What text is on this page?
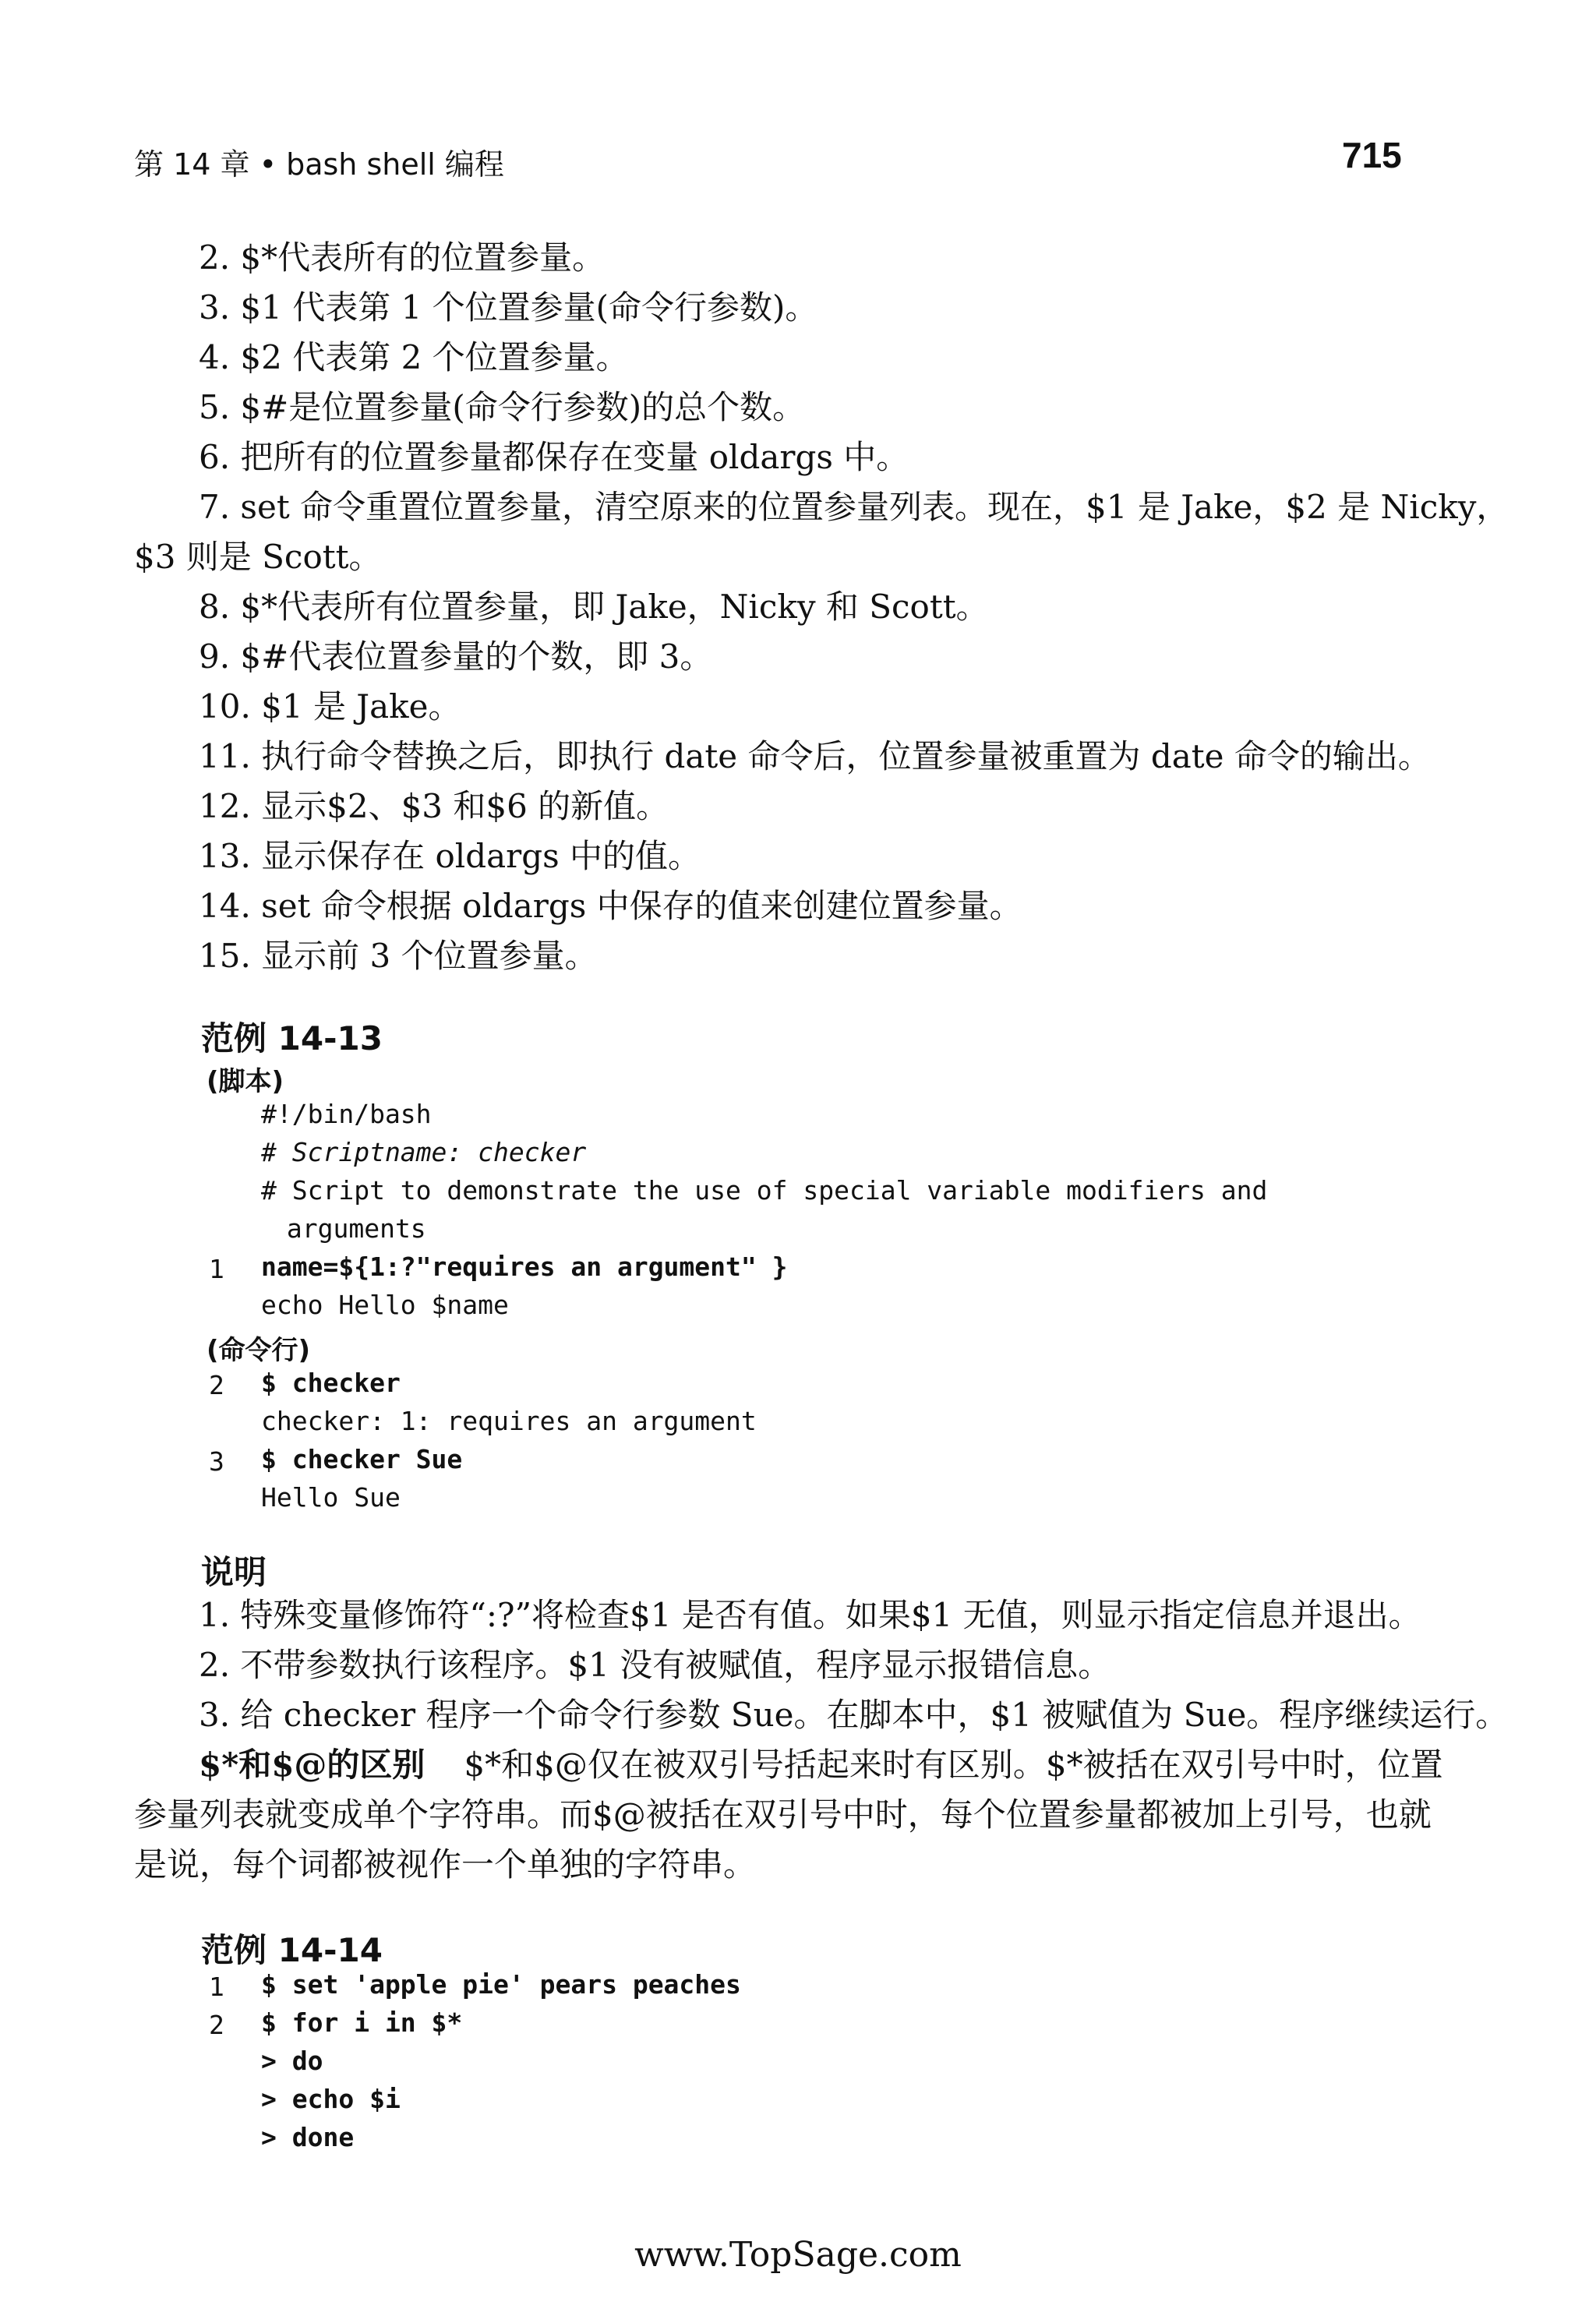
第 14 章 • bash shell 编程	715
2. $*代表所有的位置参量。
3. $1 代表第 1 个位置参量(命令行参数)。
4. $2 代表第 2 个位置参量。
5. $#是位置参量(命令行参数)的总个数。
6. 把所有的位置参量都保存在变量 oldargs 中。
7. set 命令重置位置参量，清空原来的位置参量列表。现在，$1 是 Jake，$2 是 Nicky，
$3 则是 Scott。
8. $*代表所有位置参量，即 Jake，Nicky 和 Scott。
9. $#代表位置参量的个数，即 3。
10. $1 是 Jake。
11. 执行命令替换之后，即执行 date 命令后，位置参量被重置为 date 命令的输出。
12. 显示$2、$3 和$6 的新值。
13. 显示保存在 oldargs 中的值。
14. set 命令根据 oldargs 中保存的值来创建位置参量。
15. 显示前 3 个位置参量。
范例 14-13
(脚本)
#!/bin/bash
# Scriptname: checker
# Script to demonstrate the use of special variable modifiers and
arguments
1 name=${1:?"requires an argument" }
echo Hello $name
(命令行)
2 $ checker
checker: 1: requires an argument
3 $ checker Sue
Hello Sue
说明
1. 特殊变量修饰符“:?”将检查$1 是否有值。如果$1 无值，则显示指定信息并退出。
2. 不带参数执行该程序。$1 没有被赋值，程序显示报错信息。
3. 给 checker 程序一个命令行参数 Sue。在脚本中，$1 被赋值为 Sue。程序继续运行。
$*和$@的区别 $*和$@仅在被双引号括起来时有区别。$*被括在双引号中时，位置
参量列表就变成单个字符串。而$@被括在双引号中时，每个位置参量都被加上引号，也就
是说，每个词都被视作一个单独的字符串。
范例 14-14
1 $ set 'apple pie' pears peaches
2 $ for i in $*
> do
> echo $i
> done
www.TopSage.com
